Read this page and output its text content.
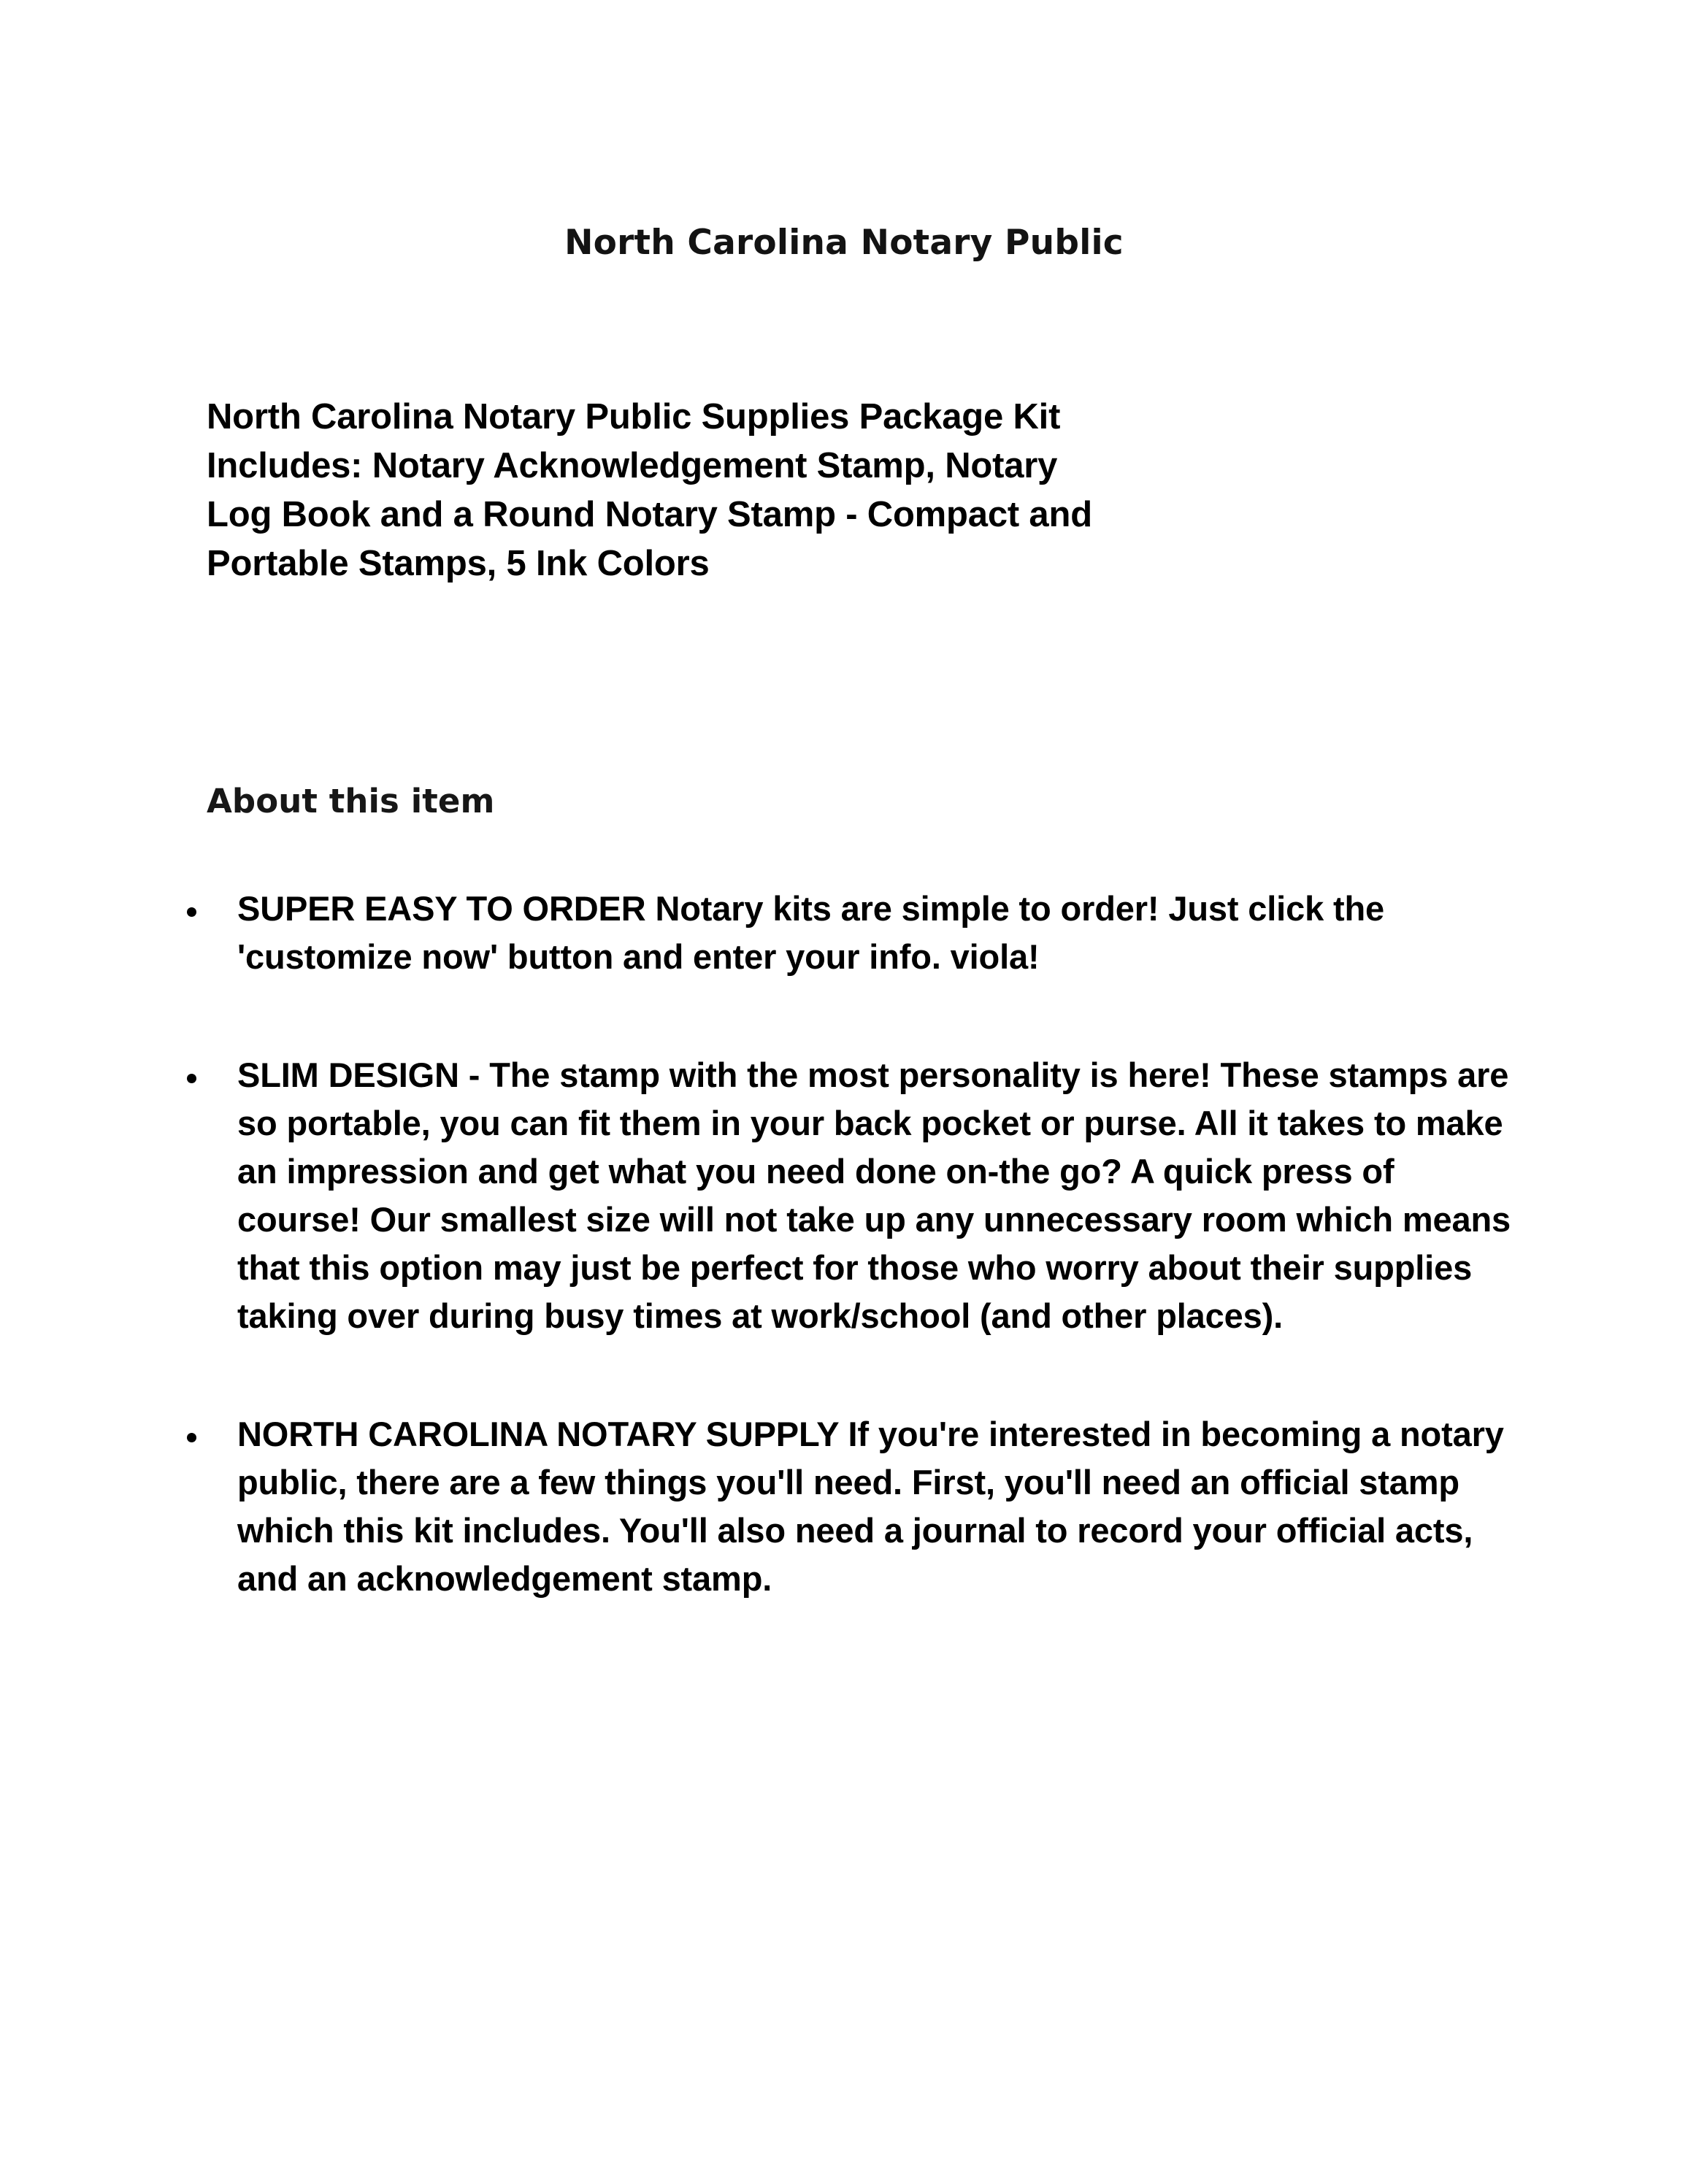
North Carolina Notary Public
North Carolina Notary Public Supplies Package Kit
Includes: Notary Acknowledgement Stamp, Notary
Log Book and a Round Notary Stamp - Compact and
Portable Stamps, 5 Ink Colors
About this item
SUPER EASY TO ORDER Notary kits are simple to order! Just click the 'customize now' button and enter your info. viola!
SLIM DESIGN - The stamp with the most personality is here! These stamps are so portable, you can fit them in your back pocket or purse. All it takes to make an impression and get what you need done on-the go? A quick press of course! Our smallest size will not take up any unnecessary room which means that this option may just be perfect for those who worry about their supplies taking over during busy times at work/school (and other places).
NORTH CAROLINA NOTARY SUPPLY If you're interested in becoming a notary public, there are a few things you'll need. First, you'll need an official stamp which this kit includes. You'll also need a journal to record your official acts, and an acknowledgement stamp.
